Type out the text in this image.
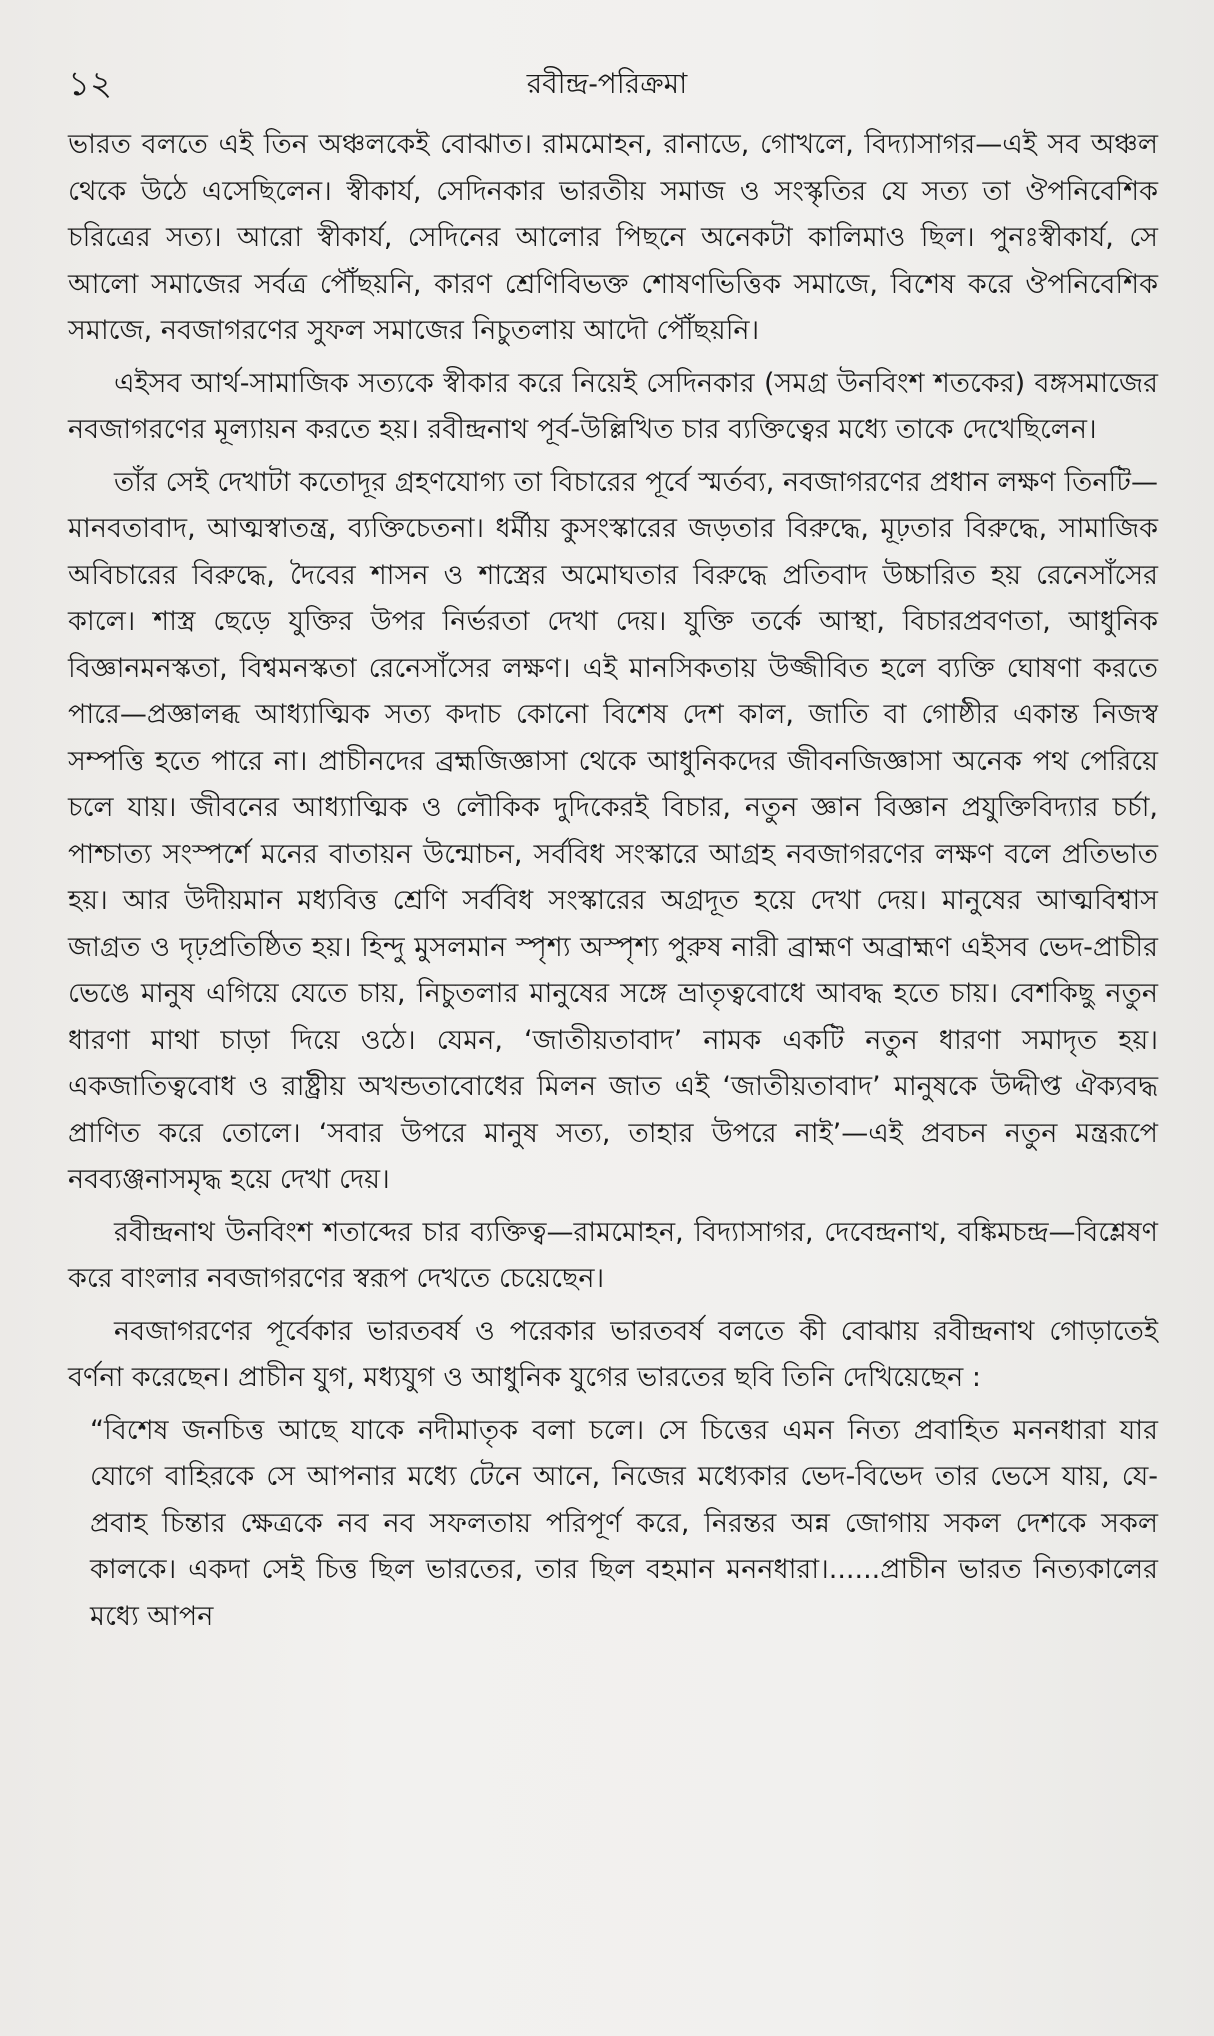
১২	রবীন্দ্র-পরিক্রমা

ভারত বলতে এই তিন অঞ্চলকেই বোঝাত। রামমোহন, রানাডে, গোখলে, বিদ্যাসাগর—এই সব অঞ্চল থেকে উঠে এসেছিলেন। স্বীকার্য, সেদিনকার ভারতীয় সমাজ ও সংস্কৃতির যে সত্য তা ঔপনিবেশিক চরিত্রের সত্য। আরো স্বীকার্য, সেদিনের আলোর পিছনে অনেকটা কালিমাও ছিল। পুনঃস্বীকার্য, সে আলো সমাজের সর্বত্র পৌঁছয়নি, কারণ শ্রেণিবিভক্ত শোষণভিত্তিক সমাজে, বিশেষ করে ঔপনিবেশিক সমাজে, নবজাগরণের সুফল সমাজের নিচুতলায় আদৌ পৌঁছয়নি।

এইসব আর্থ-সামাজিক সত্যকে স্বীকার করে নিয়েই সেদিনকার (সমগ্র উনবিংশ শতকের) বঙ্গসমাজের নবজাগরণের মূল্যায়ন করতে হয়। রবীন্দ্রনাথ পূর্ব-উল্লিখিত চার ব্যক্তিত্বের মধ্যে তাকে দেখেছিলেন।

তাঁর সেই দেখাটা কতোদূর গ্রহণযোগ্য তা বিচারের পূর্বে স্মর্তব্য, নবজাগরণের প্রধান লক্ষণ তিনটি—মানবতাবাদ, আত্মস্বাতন্ত্র, ব্যক্তিচেতনা। ধর্মীয় কুসংস্কারের জড়তার বিরুদ্ধে, মূঢ়তার বিরুদ্ধে, সামাজিক অবিচারের বিরুদ্ধে, দৈবের শাসন ও শাস্ত্রের অমোঘতার বিরুদ্ধে প্রতিবাদ উচ্চারিত হয় রেনেসাঁসের কালে। শাস্ত্র ছেড়ে যুক্তির উপর নির্ভরতা দেখা দেয়। যুক্তি তর্কে আস্থা, বিচারপ্রবণতা, আধুনিক বিজ্ঞানমনস্কতা, বিশ্বমনস্কতা রেনেসাঁসের লক্ষণ। এই মানসিকতায় উজ্জীবিত হলে ব্যক্তি ঘোষণা করতে পারে—প্রজ্ঞালব্ধ আধ্যাত্মিক সত্য কদাচ কোনো বিশেষ দেশ কাল, জাতি বা গোষ্ঠীর একান্ত নিজস্ব সম্পত্তি হতে পারে না। প্রাচীনদের ব্রহ্মজিজ্ঞাসা থেকে আধুনিকদের জীবনজিজ্ঞাসা অনেক পথ পেরিয়ে চলে যায়। জীবনের আধ্যাত্মিক ও লৌকিক দুদিকেরই বিচার, নতুন জ্ঞান বিজ্ঞান প্রযুক্তিবিদ্যার চর্চা, পাশ্চাত্য সংস্পর্শে মনের বাতায়ন উন্মোচন, সর্ববিধ সংস্কারে আগ্রহ নবজাগরণের লক্ষণ বলে প্রতিভাত হয়। আর উদীয়মান মধ্যবিত্ত শ্রেণি সর্ববিধ সংস্কারের অগ্রদূত হয়ে দেখা দেয়। মানুষের আত্মবিশ্বাস জাগ্রত ও দৃঢ়প্রতিষ্ঠিত হয়। হিন্দু মুসলমান স্পৃশ্য অস্পৃশ্য পুরুষ নারী ব্রাহ্মণ অব্রাহ্মণ এইসব ভেদ-প্রাচীর ভেঙে মানুষ এগিয়ে যেতে চায়, নিচুতলার মানুষের সঙ্গে ভ্রাতৃত্ববোধে আবদ্ধ হতে চায়। বেশকিছু নতুন ধারণা মাথা চাড়া দিয়ে ওঠে। যেমন, ‘জাতীয়তাবাদ’ নামক একটি নতুন ধারণা সমাদৃত হয়। একজাতিত্ববোধ ও রাষ্ট্রীয় অখন্ডতাবোধের মিলন জাত এই ‘জাতীয়তাবাদ’ মানুষকে উদ্দীপ্ত ঐক্যবদ্ধ প্রাণিত করে তোলে। ‘সবার উপরে মানুষ সত্য, তাহার উপরে নাই’—এই প্রবচন নতুন মন্ত্ররূপে নবব্যঞ্জনাসমৃদ্ধ হয়ে দেখা দেয়।

রবীন্দ্রনাথ উনবিংশ শতাব্দের চার ব্যক্তিত্ব—রামমোহন, বিদ্যাসাগর, দেবেন্দ্রনাথ, বঙ্কিমচন্দ্র—বিশ্লেষণ করে বাংলার নবজাগরণের স্বরূপ দেখতে চেয়েছেন।

নবজাগরণের পূর্বেকার ভারতবর্ষ ও পরেকার ভারতবর্ষ বলতে কী বোঝায় রবীন্দ্রনাথ গোড়াতেই বর্ণনা করেছেন। প্রাচীন যুগ, মধ্যযুগ ও আধুনিক যুগের ভারতের ছবি তিনি দেখিয়েছেন :

“বিশেষ জনচিত্ত আছে যাকে নদীমাতৃক বলা চলে। সে চিত্তের এমন নিত্য প্রবাহিত মননধারা যার যোগে বাহিরকে সে আপনার মধ্যে টেনে আনে, নিজের মধ্যেকার ভেদ-বিভেদ তার ভেসে যায়, যে-প্রবাহ চিন্তার ক্ষেত্রকে নব নব সফলতায় পরিপূর্ণ করে, নিরন্তর অন্ন জোগায় সকল দেশকে সকল কালকে। একদা সেই চিত্ত ছিল ভারতের, তার ছিল বহমান মননধারা।......প্রাচীন ভারত নিত্যকালের মধ্যে আপন
